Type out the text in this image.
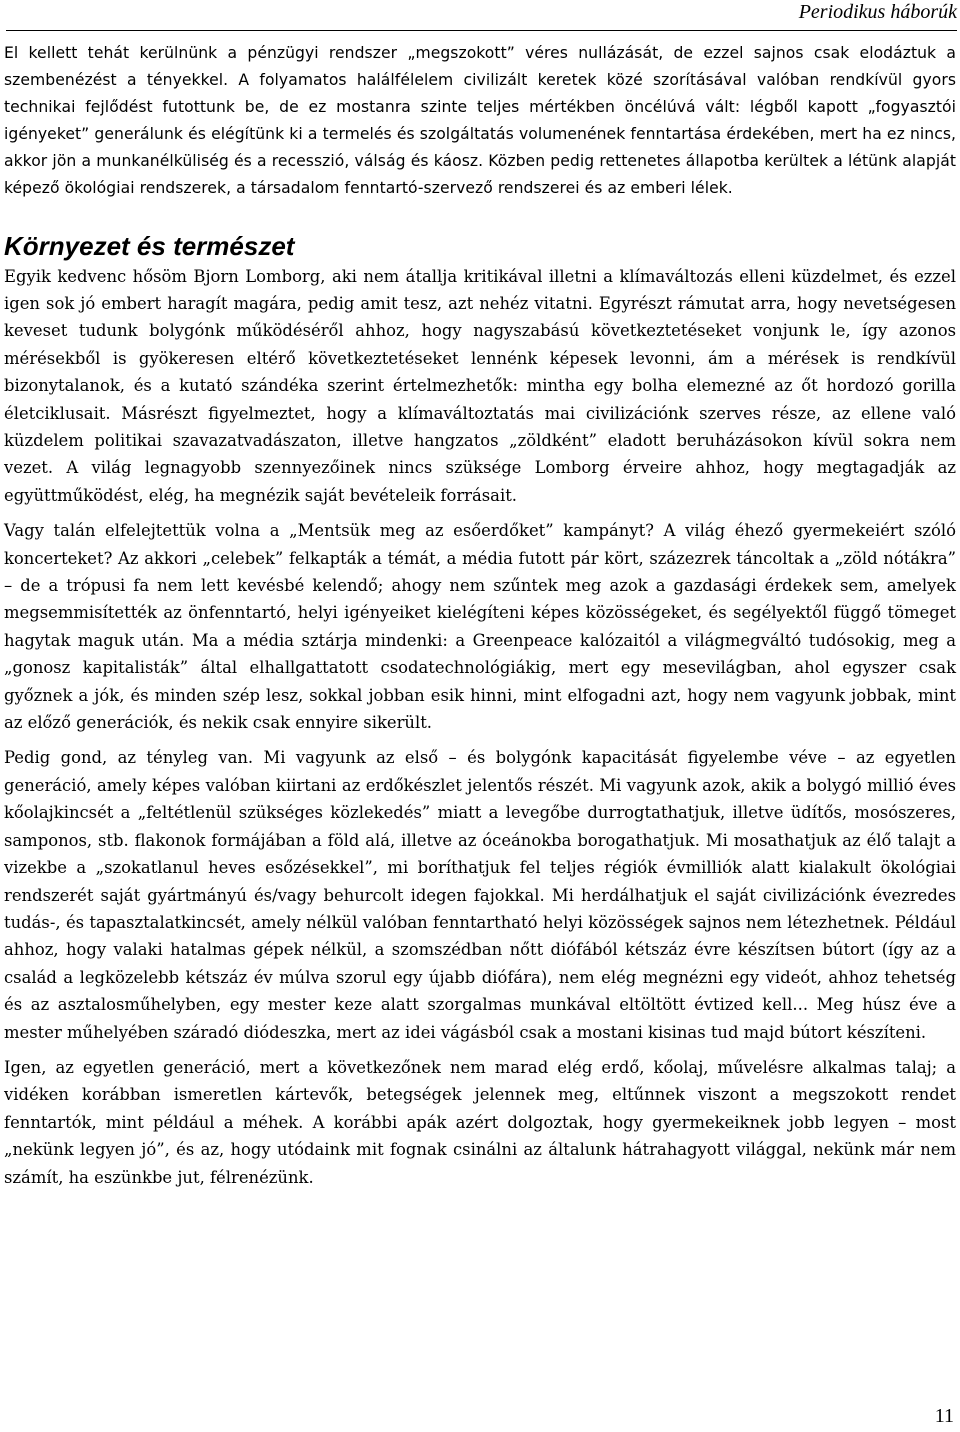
Periodikus háborúk

El kellett tehát kerülnünk a pénzügyi rendszer „megszokott” véres nullázását, de ezzel sajnos csak elodáztuk a szembenézést a tényekkel. A folyamatos halálfélelem civilizált keretek közé szorításával valóban rendkívül gyors technikai fejlődést futottunk be, de ez mostanra szinte teljes mértékben öncélúvá vált: légből kapott „fogyasztói igényeket” generálunk és elégítünk ki a termelés és szolgáltatás volumenének fenntartása érdekében, mert ha ez nincs, akkor jön a munkanélküliség és a recesszió, válság és káosz. Közben pedig rettenetes állapotba kerültek a létünk alapját képező ökológiai rendszerek, a társadalom fenntartó-szervező rendszerei és az emberi lélek.

Környezet és természet

Egyik kedvenc hősöm Bjorn Lomborg, aki nem átallja kritikával illetni a klímaváltozás elleni küzdelmet, és ezzel igen sok jó embert haragít magára, pedig amit tesz, azt nehéz vitatni. Egyrészt rámutat arra, hogy nevetségesen keveset tudunk bolygónk működéséről ahhoz, hogy nagyszabású következtetéseket vonjunk le, így azonos mérésekből is gyökeresen eltérő következtetéseket lennénk képesek levonni, ám a mérések is rendkívül bizonytalanok, és a kutató szándéka szerint értelmezhetők: mintha egy bolha elemezné az őt hordozó gorilla életciklusait. Másrészt figyelmeztet, hogy a klímaváltoztatás mai civilizációnk szerves része, az ellene való küzdelem politikai szavazatvadászaton, illetve hangzatos „zöldként” eladott beruházásokon kívül sokra nem vezet. A világ legnagyobb szennyezőinek nincs szüksége Lomborg érveire ahhoz, hogy megtagadják az együttműködést, elég, ha megnézik saját bevételeik forrásait.

Vagy talán elfelejtettük volna a „Mentsük meg az esőerdőket” kampányt? A világ éhező gyermekeiért szóló koncerteket? Az akkori „celebek” felkapták a témát, a média futott pár kört, százezrek táncoltak a „zöld nótákra” – de a trópusi fa nem lett kevésbé kelendő; ahogy nem szűntek meg azok a gazdasági érdekek sem, amelyek megsemmisítették az önfenntartó, helyi igényeiket kielégíteni képes közösségeket, és segélyektől függő tömeget hagytak maguk után. Ma a média sztárja mindenki: a Greenpeace kalózaitól a világmegváltó tudósokig, meg a „gonosz kapitalisták” által elhallgattatott csodatechnológiákig, mert egy mesevilágban, ahol egyszer csak győznek a jók, és minden szép lesz, sokkal jobban esik hinni, mint elfogadni azt, hogy nem vagyunk jobbak, mint az előző generációk, és nekik csak ennyire sikerült.

Pedig gond, az tényleg van. Mi vagyunk az első – és bolygónk kapacitását figyelembe véve – az egyetlen generáció, amely képes valóban kiirtani az erdőkészlet jelentős részét. Mi vagyunk azok, akik a bolygó millió éves kőolajkincsét a „feltétlenül szükséges közlekedés” miatt a levegőbe durrogtathatjuk, illetve üdítős, mosószeres, samponos, stb. flakonok formájában a föld alá, illetve az óceánokba borogathatjuk. Mi mosathatjuk az élő talajt a vizekbe a „szokatlanul heves esőzésekkel”, mi boríthatjuk fel teljes régiók évmilliók alatt kialakult ökológiai rendszerét saját gyártmányú és/vagy behurcolt idegen fajokkal. Mi herdálhatjuk el saját civilizációnk évezredes tudás-, és tapasztalatkincsét, amely nélkül valóban fenntartható helyi közösségek sajnos nem létezhetnek. Például ahhoz, hogy valaki hatalmas gépek nélkül, a szomszédban nőtt diófából kétszáz évre készítsen bútort (így az a család a legközelebb kétszáz év múlva szorul egy újabb diófára), nem elég megnézni egy videót, ahhoz tehetség és az asztalosműhelyben, egy mester keze alatt szorgalmas munkával eltöltött évtized kell... Meg húsz éve a mester műhelyében száradó diódeszka, mert az idei vágásból csak a mostani kisinas tud majd bútort készíteni.

Igen, az egyetlen generáció, mert a következőnek nem marad elég erdő, kőolaj, művelésre alkalmas talaj; a vidéken korábban ismeretlen kártevők, betegségek jelennek meg, eltűnnek viszont a megszokott rendet fenntartók, mint például a méhek. A korábbi apák azért dolgoztak, hogy gyermekeiknek jobb legyen – most „nekünk legyen jó”, és az, hogy utódaink mit fognak csinálni az általunk hátrahagyott világgal, nekünk már nem számít, ha eszünkbe jut, félrenézünk.

11
